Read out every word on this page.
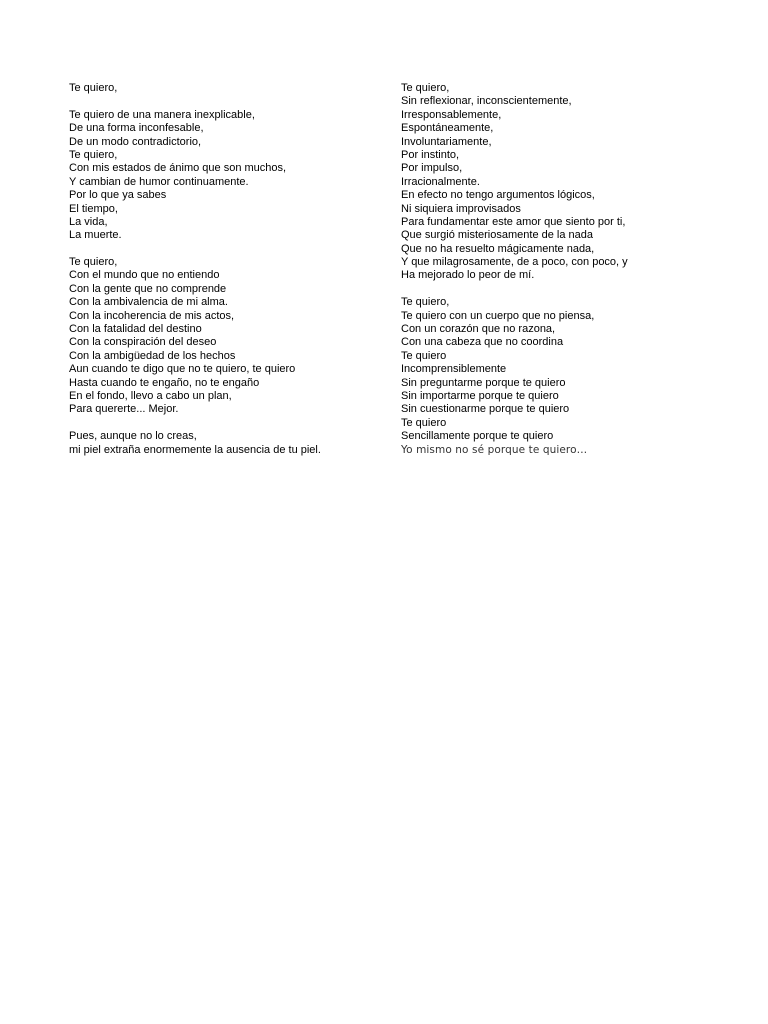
Te quiero,
Te quiero de una manera inexplicable,
De una forma inconfesable,
De un modo contradictorio,
Te quiero,
Con mis estados de ánimo que son muchos,
Y cambian de humor continuamente.
Por lo que ya sabes
El tiempo,
La vida,
La muerte.
Te quiero,
Con el mundo que no entiendo
Con la gente que no comprende
Con la ambivalencia de mi alma.
Con la incoherencia de mis actos,
Con la fatalidad del destino
Con la conspiración del deseo
Con la ambigüedad de los hechos
Aun cuando te digo que no te quiero, te quiero
Hasta cuando te engaño, no te engaño
En el fondo, llevo a cabo un plan,
Para quererte... Mejor.
Pues, aunque no lo creas,
mi piel extraña enormemente la ausencia de tu piel.
Te quiero,
Sin reflexionar, inconscientemente,
Irresponsablemente,
Espontáneamente,
Involuntariamente,
Por instinto,
Por impulso,
Irracionalmente.
En efecto no tengo argumentos lógicos,
Ni siquiera improvisados
Para fundamentar este amor que siento por ti,
Que surgió misteriosamente de la nada
Que no ha resuelto mágicamente nada,
Y que milagrosamente, de a poco, con poco, y
Ha mejorado lo peor de mí.
Te quiero,
Te quiero con un cuerpo que no piensa,
Con un corazón que no razona,
Con una cabeza que no coordina
Te quiero
Incomprensiblemente
Sin preguntarme porque te quiero
Sin importarme porque te quiero
Sin cuestionarme porque te quiero
Te quiero
Sencillamente porque te quiero
Yo mismo no sé porque te quiero…
